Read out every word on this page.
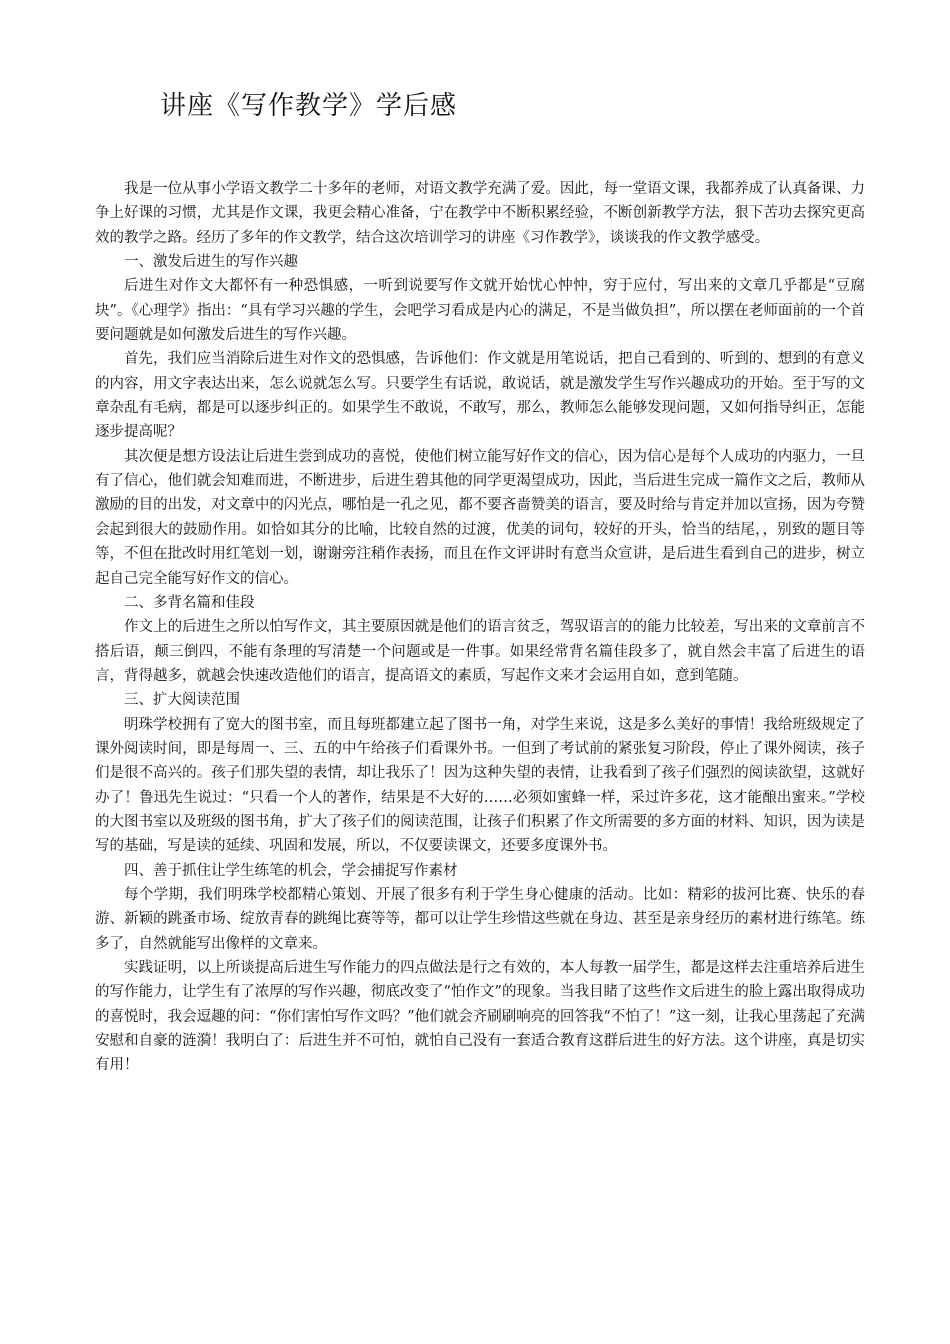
讲座《写作教学》学后感

我是一位从事小学语文教学二十多年的老师，对语文教学充满了爱。因此，每一堂语文课，我都养成了认真备课、力争上好课的习惯，尤其是作文课，我更会精心准备，宁在教学中不断积累经验，不断创新教学方法，狠下苦功去探究更高效的教学之路。经历了多年的作文教学，结合这次培训学习的讲座《习作教学》，谈谈我的作文教学感受。

一、激发后进生的写作兴趣

后进生对作文大都怀有一种恐惧感，一听到说要写作文就开始忧心忡忡，穷于应付，写出来的文章几乎都是“豆腐块”。《心理学》指出：“具有学习兴趣的学生，会吧学习看成是内心的满足，不是当做负担”，所以摆在老师面前的一个首要问题就是如何激发后进生的写作兴趣。

首先，我们应当消除后进生对作文的恐惧感，告诉他们：作文就是用笔说话，把自己看到的、听到的、想到的有意义的内容，用文字表达出来，怎么说就怎么写。只要学生有话说，敢说话，就是激发学生写作兴趣成功的开始。至于写的文章杂乱有毛病，都是可以逐步纠正的。如果学生不敢说，不敢写，那么，教师怎么能够发现问题，又如何指导纠正，怎能逐步提高呢？

其次便是想方设法让后进生尝到成功的喜悦，使他们树立能写好作文的信心，因为信心是每个人成功的内驱力，一旦有了信心，他们就会知难而进，不断进步，后进生碧其他的同学更渴望成功，因此，当后进生完成一篇作文之后，教师从激励的目的出发，对文章中的闪光点，哪怕是一孔之见，都不要吝啬赞美的语言，要及时给与肯定并加以宣扬，因为夸赞会起到很大的鼓励作用。如恰如其分的比喻，比较自然的过渡，优美的词句，较好的开头，恰当的结尾，，别致的题目等等，不但在批改时用红笔划一划，谢谢旁注稍作表扬，而且在作文评讲时有意当众宣讲，是后进生看到自己的进步，树立起自己完全能写好作文的信心。

二、多背名篇和佳段

作文上的后进生之所以怕写作文，其主要原因就是他们的语言贫乏，驾驭语言的的能力比较差，写出来的文章前言不搭后语，颠三倒四，不能有条理的写清楚一个问题或是一件事。如果经常背名篇佳段多了，就自然会丰富了后进生的语言，背得越多，就越会快速改造他们的语言，提高语文的素质，写起作文来才会运用自如，意到笔随。

三、扩大阅读范围

明珠学校拥有了宽大的图书室，而且每班都建立起了图书一角，对学生来说，这是多么美好的事情！我给班级规定了课外阅读时间，即是每周一、三、五的中午给孩子们看课外书。一但到了考试前的紧张复习阶段，停止了课外阅读，孩子们是很不高兴的。孩子们那失望的表情，却让我乐了！因为这种失望的表情，让我看到了孩子们强烈的阅读欲望，这就好办了！鲁迅先生说过：“只看一个人的著作，结果是不大好的……必须如蜜蜂一样，采过许多花，这才能酿出蜜来。”学校的大图书室以及班级的图书角，扩大了孩子们的阅读范围，让孩子们积累了作文所需要的多方面的材料、知识，因为读是写的基础，写是读的延续、巩固和发展，所以，不仅要读课文，还要多度课外书。

四、善于抓住让学生练笔的机会，学会捕捉写作素材

每个学期，我们明珠学校都精心策划、开展了很多有利于学生身心健康的活动。比如：精彩的拔河比赛、快乐的春游、新颖的跳蚤市场、绽放青春的跳绳比赛等等，都可以让学生珍惜这些就在身边、甚至是亲身经历的素材进行练笔。练多了，自然就能写出像样的文章来。

实践证明，以上所谈提高后进生写作能力的四点做法是行之有效的，本人每教一届学生，都是这样去注重培养后进生的写作能力，让学生有了浓厚的写作兴趣，彻底改变了“怕作文”的现象。当我目睹了这些作文后进生的脸上露出取得成功的喜悦时，我会逗趣的问：“你们害怕写作文吗？”他们就会齐刷刷响亮的回答我“不怕了！”这一刻，让我心里荡起了充满安慰和自豪的涟漪！我明白了：后进生并不可怕，就怕自己没有一套适合教育这群后进生的好方法。这个讲座，真是切实有用！
